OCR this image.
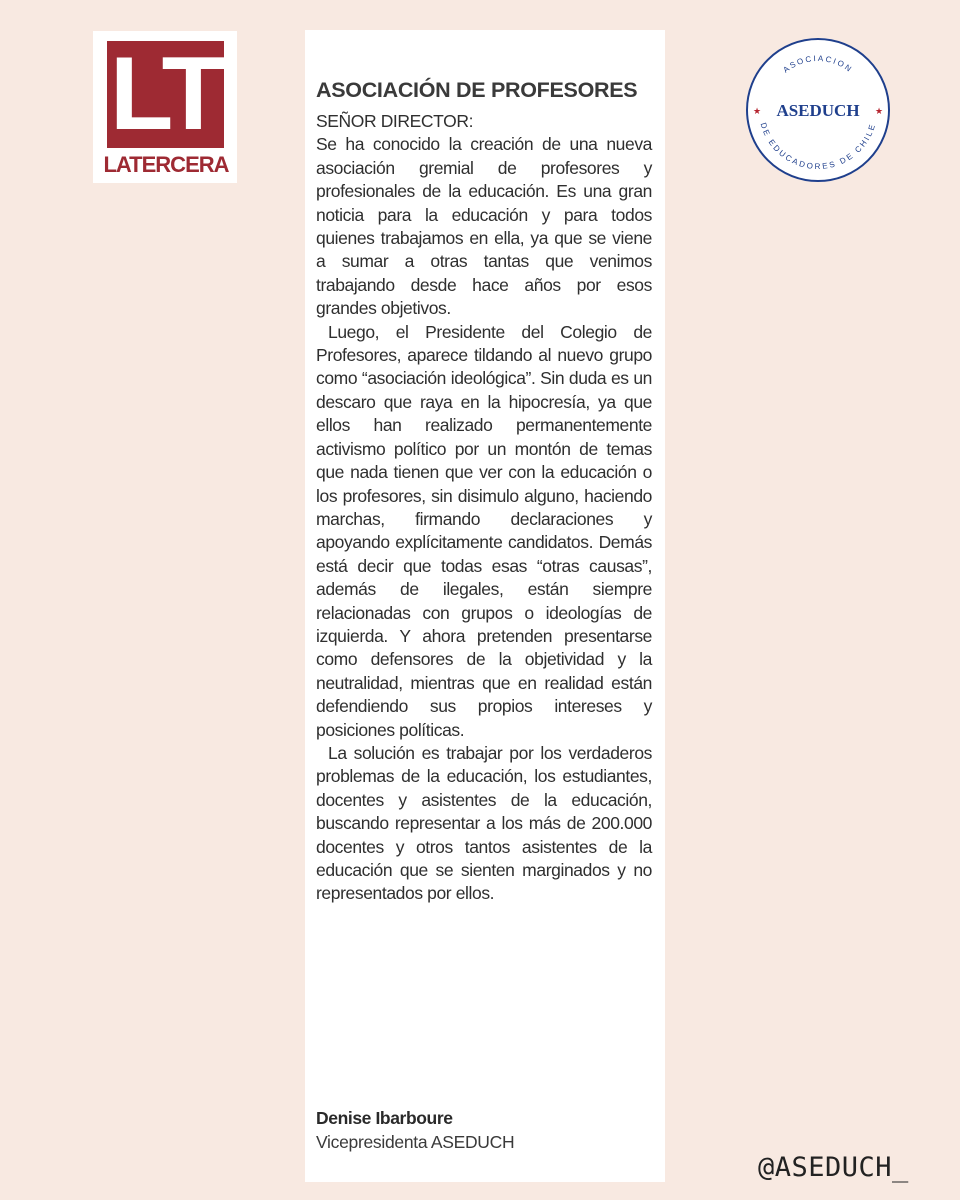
LT
LATERCERA
ASOCIACION
DE EDUCADORES DE CHILE
ASEDUCH
★	★
ASOCIACIÓN DE PROFESORES

SEÑOR DIRECTOR:

Se ha conocido la creación de una nueva asociación gremial de profesores y profesionales de la educación. Es una gran noticia para la educación y para todos quienes trabajamos en ella, ya que se viene a sumar a otras tantas que venimos trabajando desde hace años por esos grandes objetivos.

Luego, el Presidente del Colegio de Profesores, aparece tildando al nuevo grupo como “asociación ideológica”. Sin duda es un descaro que raya en la hipocresía, ya que ellos han realizado permanentemente activismo político por un montón de temas que nada tienen que ver con la educación o los profesores, sin disimulo alguno, haciendo marchas, firmando declaraciones y apoyando explícitamente candidatos. Demás está decir que todas esas “otras causas”, además de ilegales, están siempre relacionadas con grupos o ideologías de izquierda. Y ahora pretenden presentarse como defensores de la objetividad y la neutralidad, mientras que en realidad están defendiendo sus propios intereses y posiciones políticas.

La solución es trabajar por los verdaderos problemas de la educación, los estudiantes, docentes y asistentes de la educación, buscando representar a los más de 200.000 docentes y otros tantos asistentes de la educación que se sienten marginados y no representados por ellos.

Denise Ibarboure
Vicepresidenta ASEDUCH
@ASEDUCH_
